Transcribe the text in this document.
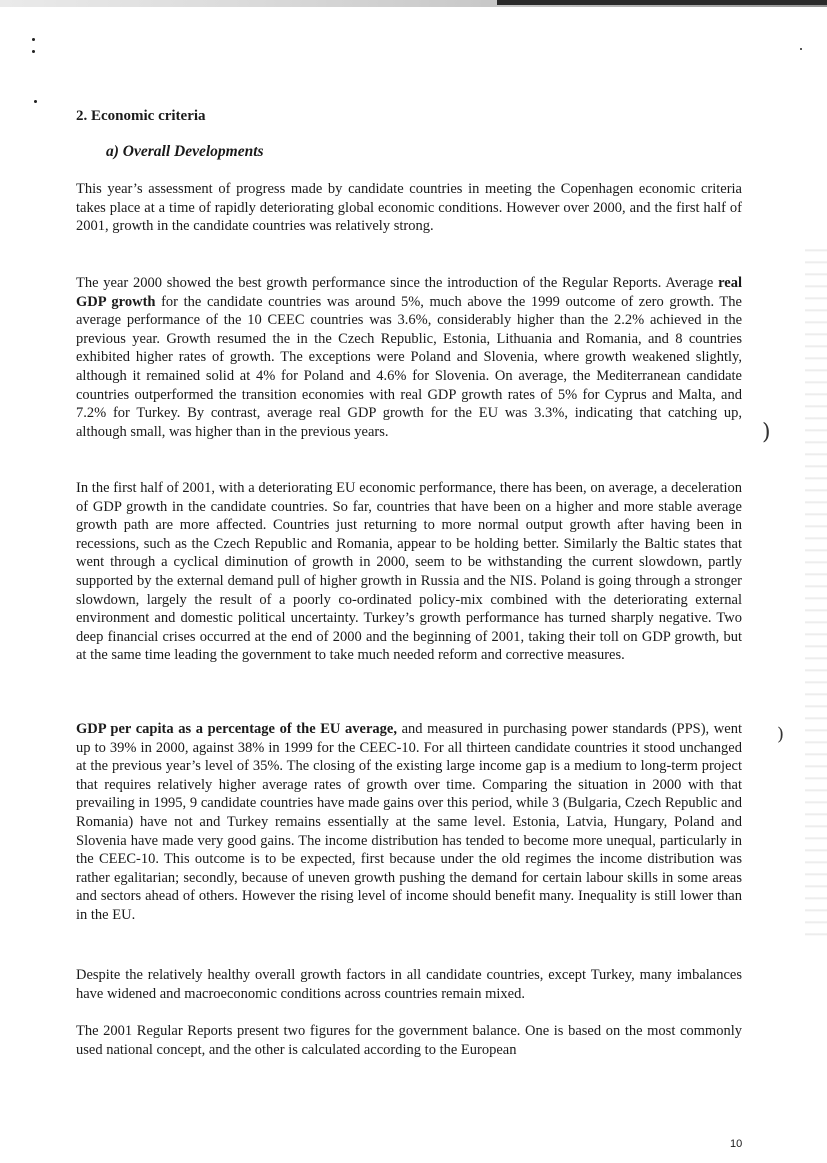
)
)
2. Economic criteria
a) Overall Developments

This year’s assessment of progress made by candidate countries in meeting the Copenhagen economic criteria takes place at a time of rapidly deteriorating global economic conditions. However over 2000, and the first half of 2001, growth in the candidate countries was relatively strong.

The year 2000 showed the best growth performance since the introduction of the Regular Reports. Average real GDP growth for the candidate countries was around 5%, much above the 1999 outcome of zero growth. The average performance of the 10 CEEC countries was 3.6%, considerably higher than the 2.2% achieved in the previous year. Growth resumed the in the Czech Republic, Estonia, Lithuania and Romania, and 8 countries exhibited higher rates of growth. The exceptions were Poland and Slovenia, where growth weakened slightly, although it remained solid at 4% for Poland and 4.6% for Slovenia. On average, the Mediterranean candidate countries outperformed the transition economies with real GDP growth rates of 5% for Cyprus and Malta, and 7.2% for Turkey. By contrast, average real GDP growth for the EU was 3.3%, indicating that catching up, although small, was higher than in the previous years.

In the first half of 2001, with a deteriorating EU economic performance, there has been, on average, a deceleration of GDP growth in the candidate countries. So far, countries that have been on a higher and more stable average growth path are more affected. Countries just returning to more normal output growth after having been in recessions, such as the Czech Republic and Romania, appear to be holding better. Similarly the Baltic states that went through a cyclical diminution of growth in 2000, seem to be withstanding the current slowdown, partly supported by the external demand pull of higher growth in Russia and the NIS. Poland is going through a stronger slowdown, largely the result of a poorly co-ordinated policy-mix combined with the deteriorating external environment and domestic political uncertainty. Turkey’s growth performance has turned sharply negative. Two deep financial crises occurred at the end of 2000 and the beginning of 2001, taking their toll on GDP growth, but at the same time leading the government to take much needed reform and corrective measures.

GDP per capita as a percentage of the EU average, and measured in purchasing power standards (PPS), went up to 39% in 2000, against 38% in 1999 for the CEEC-10. For all thirteen candidate countries it stood unchanged at the previous year’s level of 35%. The closing of the existing large income gap is a medium to long-term project that requires relatively higher average rates of growth over time. Comparing the situation in 2000 with that prevailing in 1995, 9 candidate countries have made gains over this period, while 3 (Bulgaria, Czech Republic and Romania) have not and Turkey remains essentially at the same level. Estonia, Latvia, Hungary, Poland and Slovenia have made very good gains. The income distribution has tended to become more unequal, particularly in the CEEC-10. This outcome is to be expected, first because under the old regimes the income distribution was rather egalitarian; secondly, because of uneven growth pushing the demand for certain labour skills in some areas and sectors ahead of others. However the rising level of income should benefit many. Inequality is still lower than in the EU.

Despite the relatively healthy overall growth factors in all candidate countries, except Turkey, many imbalances have widened and macroeconomic conditions across countries remain mixed.

The 2001 Regular Reports present two figures for the government balance. One is based on the most commonly used national concept, and the other is calculated according to the European

10
